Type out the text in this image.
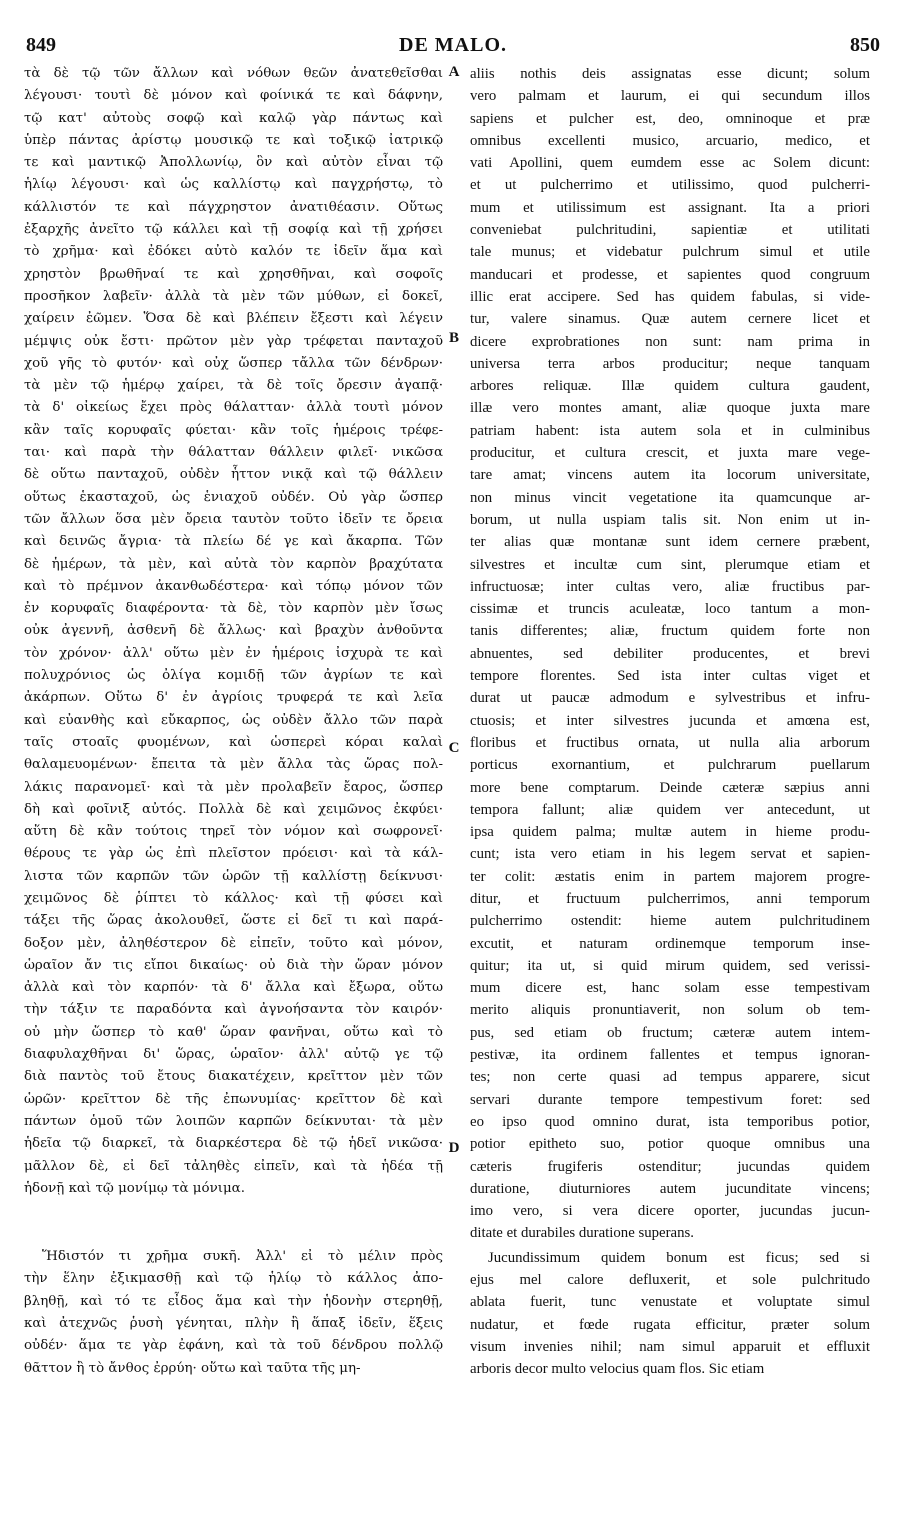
849	DE MALO.	850
τὰ δὲ τῷ τῶν ἄλλων καὶ νόθων θεῶν ἀνατεθεῖσθαι
λέγουσι· τουτὶ δὲ μόνον καὶ φοίνικά τε καὶ δάφνην,
τῷ κατ' αὐτοὺς σοφῷ καὶ καλῷ γὰρ πάντως καὶ
ὑπὲρ πάντας ἀρίστῳ μουσικῷ τε καὶ τοξικῷ ἰατρικῷ
τε καὶ μαντικῷ Ἀπολλωνίῳ, ὃν καὶ αὐτὸν εἶναι τῷ
ἡλίῳ λέγουσι· καὶ ὡς καλλίστῳ καὶ παγχρήστῳ, τὸ
κάλλιστόν τε καὶ πάγχρηστον ἀνατιθέασιν. Οὕτως
ἐξαρχῆς ἀνεῖτο τῷ κάλλει καὶ τῇ σοφίᾳ καὶ τῇ χρήσει
τὸ χρῆμα· καὶ ἐδόκει αὐτὸ καλόν τε ἰδεῖν ἅμα καὶ
χρηστὸν βρωθῆναί τε καὶ χρησθῆναι, καὶ σοφοῖς
προσῆκον λαβεῖν· ἀλλὰ τὰ μὲν τῶν μύθων, εἰ δοκεῖ,
χαίρειν ἐῶμεν. Ὅσα δὲ καὶ βλέπειν ἔξεστι καὶ λέγειν
μέμψις οὐκ ἔστι· πρῶτον μὲν γὰρ τρέφεται πανταχοῦ
χοῦ γῆς τὸ φυτόν· καὶ οὐχ ὥσπερ τἄλλα τῶν δένδρων·
τὰ μὲν τῷ ἡμέρῳ χαίρει, τὰ δὲ τοῖς ὄρεσιν ἀγαπᾷ·
τὰ δ' οἰκείως ἔχει πρὸς θάλατταν· ἀλλὰ τουτὶ μόνον
κἂν ταῖς κορυφαῖς φύεται· κἂν τοῖς ἡμέροις τρέφε-
ται· καὶ παρὰ τὴν θάλατταν θάλλειν φιλεῖ· νικῶσα
δὲ οὕτω πανταχοῦ, οὐδὲν ἧττον νικᾷ καὶ τῷ θάλλειν
οὕτως ἑκασταχοῦ, ὡς ἑνιαχοῦ οὐδέν. Οὐ γὰρ ὥσπερ
τῶν ἄλλων ὅσα μὲν ὄρεια ταυτὸν τοῦτο ἰδεῖν τε ὄρεια
καὶ δεινῶς ἄγρια· τὰ πλείω δέ γε καὶ ἄκαρπα. Τῶν
δὲ ἡμέρων, τὰ μὲν, καὶ αὐτὰ τὸν καρπὸν βραχύτατα
καὶ τὸ πρέμνον ἀκανθωδέστερα· καὶ τόπῳ μόνον τῶν
ἐν κορυφαῖς διαφέροντα· τὰ δὲ, τὸν καρπὸν μὲν ἴσως
οὐκ ἀγεννῆ, ἀσθενῆ δὲ ἄλλως· καὶ βραχὺν ἀνθοῦντα
τὸν χρόνον· ἀλλ' οὕτω μὲν ἐν ἡμέροις ἰσχυρὰ τε καὶ
πολυχρόνιος ὡς ὀλίγα κομιδῇ τῶν ἀγρίων τε καὶ
ἀκάρπων. Οὕτω δ' ἐν ἀγρίοις τρυφερά τε καὶ λεῖα
καὶ εὐανθὴς καὶ εὔκαρπος, ὡς οὐδὲν ἄλλο τῶν παρὰ
ταῖς στοαῖς φυομένων, καὶ ὡσπερεὶ κόραι καλαὶ
θαλαμευομένων· ἔπειτα τὰ μὲν ἄλλα τὰς ὥρας πολ-
λάκις παρανομεῖ· καὶ τὰ μὲν προλαβεῖν ἔαρος, ὥσπερ
δὴ καὶ φοῖνιξ αὐτός. Πολλὰ δὲ καὶ χειμῶνος ἐκφύει·
αὕτη δὲ κἂν τούτοις τηρεῖ τὸν νόμον καὶ σωφρονεῖ·
θέρους τε γὰρ ὡς ἐπὶ πλεῖστον πρόεισι· καὶ τὰ κάλ-
λιστα τῶν καρπῶν τῶν ὡρῶν τῇ καλλίστῃ δείκνυσι·
χειμῶνος δὲ ῥίπτει τὸ κάλλος· καὶ τῇ φύσει καὶ
τάξει τῆς ὥρας ἀκολουθεῖ, ὥστε εἰ δεῖ τι καὶ παρά-
δοξον μὲν, ἀληθέστερον δὲ εἰπεῖν, τοῦτο καὶ μόνον,
ὡραῖον ἄν τις εἴποι δικαίως· οὐ διὰ τὴν ὥραν μόνον
ἀλλὰ καὶ τὸν καρπόν· τὰ δ' ἄλλα καὶ ἔξωρα, οὕτω
τὴν τάξιν τε παραδόντα καὶ ἀγνοήσαντα τὸν καιρόν·
οὐ μὴν ὥσπερ τὸ καθ' ὥραν φανῆναι, οὕτω καὶ τὸ
διαφυλαχθῆναι δι' ὥρας, ὡραῖον· ἀλλ' αὐτῷ γε τῷ
διὰ παντὸς τοῦ ἔτους διακατέχειν, κρεῖττον μὲν τῶν
ὡρῶν· κρεῖττον δὲ τῆς ἐπωνυμίας· κρεῖττον δὲ καὶ
πάντων ὁμοῦ τῶν λοιπῶν καρπῶν δείκνυται· τὰ μὲν
ἡδεῖα τῷ διαρκεῖ, τὰ διαρκέστερα δὲ τῷ ἡδεῖ νικῶσα·
μᾶλλον δὲ, εἰ δεῖ τἀληθὲς εἰπεῖν, καὶ τὰ ἡδέα τῇ
ἡδονῇ καὶ τῷ μονίμῳ τὰ μόνιμα.
Ἥδιστόν τι χρῆμα συκῆ. Ἀλλ' εἰ τὸ μέλιν πρὸς
τὴν ἕλην ἐξικμασθῇ καὶ τῷ ἡλίῳ τὸ κάλλος ἀπο-
βληθῇ, καὶ τό τε εἶδος ἅμα καὶ τὴν ἡδονὴν στερηθῇ,
καὶ ἀτεχνῶς ῥυσὴ γένηται, πλὴν ἢ ἅπαξ ἰδεῖν, ἕξεις
οὐδέν· ἅμα τε γὰρ ἐφάνη, καὶ τὰ τοῦ δένδρου πολλῷ
θᾶττον ἢ τὸ ἄνθος ἐρρύη· οὕτω καὶ ταῦτα τῆς μη-
aliis nothis deis assignatas esse dicunt; solum
vero palmam et laurum, ei qui secundum illos
sapiens et pulcher est, deo, omninoque et præ
omnibus excellenti musico, arcuario, medico, et
vati Apollini, quem eumdem esse ac Solem dicunt:
et ut pulcherrimo et utilissimo, quod pulcherri-
mum et utilissimum est assignant. Ita a priori
conveniebat pulchritudini, sapientiæ et utilitati
tale munus; et videbatur pulchrum simul et utile
manducari et prodesse, et sapientes quod congruum
illic erat accipere. Sed has quidem fabulas, si vide-
tur, valere sinamus. Quæ autem cernere licet et
dicere exprobrationes non sunt: nam prima in
universa terra arbos producitur; neque tanquam
arbores reliquæ. Illæ quidem cultura gaudent,
illæ vero montes amant, aliæ quoque juxta mare
patriam habent: ista autem sola et in culminibus
producitur, et cultura crescit, et juxta mare vege-
tare amat; vincens autem ita locorum universitate,
non minus vincit vegetatione ita quamcunque ar-
borum, ut nulla uspiam talis sit. Non enim ut in-
ter alias quæ montanæ sunt idem cernere præbent,
silvestres et incultæ cum sint, plerumque etiam et
infructuosæ; inter cultas vero, aliæ fructibus par-
cissimæ et truncis aculeatæ, loco tantum a mon-
tanis differentes; aliæ, fructum quidem forte non
abnuentes, sed debiliter producentes, et brevi
tempore florentes. Sed ista inter cultas viget et
durat ut paucæ admodum e sylvestribus et infru-
ctuosis; et inter silvestres jucunda et amœna est,
floribus et fructibus ornata, ut nulla alia arborum
porticus exornantium, et pulchrarum puellarum
more bene comptarum. Deinde cæteræ sæpius anni
tempora fallunt; aliæ quidem ver antecedunt, ut
ipsa quidem palma; multæ autem in hieme produ-
cunt; ista vero etiam in his legem servat et sapien-
ter colit: æstatis enim in partem majorem progre-
ditur, et fructuum pulcherrimos, anni temporum
pulcherrimo ostendit: hieme autem pulchritudinem
excutit, et naturam ordinemque temporum inse-
quitur; ita ut, si quid mirum quidem, sed verissi-
mum dicere est, hanc solam esse tempestivam
merito aliquis pronuntiaverit, non solum ob tem-
pus, sed etiam ob fructum; cæteræ autem intem-
pestivæ, ita ordinem fallentes et tempus ignoran-
tes; non certe quasi ad tempus apparere, sicut
servari durante tempore tempestivum foret: sed
eo ipso quod omnino durat, ista temporibus potior,
potior epitheto suo, potior quoque omnibus una
cæteris frugiferis ostenditur; jucundas quidem
duratione, diuturniores autem jucunditate vincens;
imo vero, si vera dicere oporter, jucundas jucun-
ditate et durabiles duratione superans.
Jucundissimum quidem bonum est ficus; sed si
ejus mel calore defluxerit, et sole pulchritudo
ablata fuerit, tunc venustate et voluptate simul
nudatur, et fœde rugata efficitur, præter solum
visum invenies nihil; nam simul apparuit et effluxit
arboris decor multo velocius quam flos. Sic etiam
A
B
C
D
